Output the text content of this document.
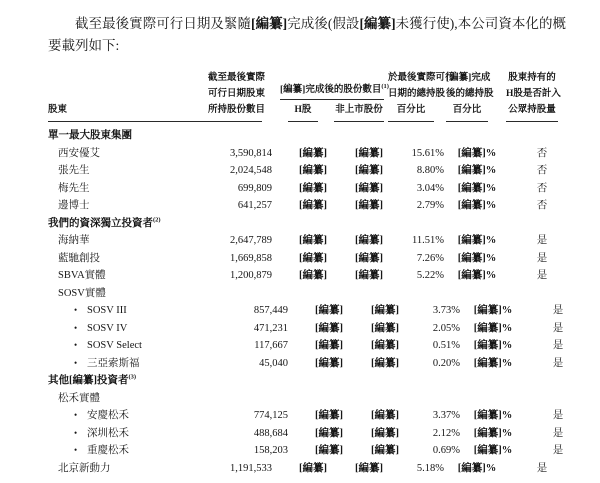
截至最後實際可行日期及緊隨[編纂]完成後(假設[編纂]未獲行使),本公司資本化的概要載列如下:

股東
截至最後實際
可行日期股東
所持股份數目
[編纂]完成後的股份數目$^{(1)}$
H股	非上市股份
於最後實際可行
日期的總持股
百分比
[編纂]完成
後的總持股
百分比
股東持有的
H股是否計入
公眾持股量
單一最大股東集團
西安優艾	3,590,814	[編纂]	[編纂]	15.61% [編纂]%	否
張先生	2,024,548	[編纂]	[編纂]	8.80% [編纂]%	否
梅先生	699,809	[編纂]	[編纂]	3.04% [編纂]%	否
邊博士	641,257	[編纂]	[編纂]	2.79% [編纂]%	否
我們的資深獨立投資者$^{(2)}$
海納華	2,647,789	[編纂]	[編纂]	11.51% [編纂]%	是
藍馳創投	1,669,858	[編纂]	[編纂]	7.26% [編纂]%	是
SBVA實體	1,200,879	[編纂]	[編纂]	5.22% [編纂]%	是
SOSV實體
• SOSV III	857,449	[編纂]	[編纂]	3.73% [編纂]%	是
• SOSV IV	471,231	[編纂]	[編纂]	2.05% [編纂]%	是
• SOSV Select	117,667	[編纂]	[編纂]	0.51% [編纂]%	是
• 三亞索斯福	45,040	[編纂]	[編纂]	0.20% [編纂]%	是
其他[編纂]投資者$^{(3)}$
松禾實體
• 安慶松禾	774,125	[編纂]	[編纂]	3.37% [編纂]%	是
• 深圳松禾	488,684	[編纂]	[編纂]	2.12% [編纂]%	是
• 重慶松禾	158,203	[編纂]	[編纂]	0.69% [編纂]%	是
北京新動力	1,191,533	[編纂]	[編纂]	5.18% [編纂]%	是
